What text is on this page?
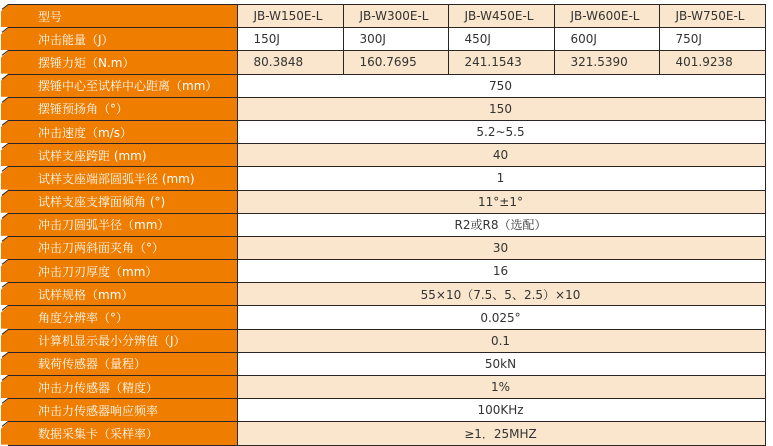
型号	JB-W150E-L	JB-W300E-L	JB-W450E-L	JB-W600E-L	JB-W750E-L
冲击能量（J）	150J	300J	450J	600J	750J
摆锤力矩（N.m）	80.3848	160.7695	241.1543	321.5390	401.9238
摆锤中心至试样中心距离（mm）	750				
摆锤预扬角（°）	150				
冲击速度（m/s）	5.2~5.5				
试样支座跨距 (mm)	40				
试样支座端部圆弧半径 (mm)	1				
试样支座支撑面倾角 (°)	11°±1°				
冲击刀圆弧半径（mm）	R2或R8（选配）				
冲击刀两斜面夹角（°）	30				
冲击刀刃厚度（mm）	16				
试样规格（mm）	55×10（7.5、5、2.5）×10				
角度分辨率（°）	0.025°				
计算机显示最小分辨值（J）	0.1				
载荷传感器（量程）	50kN				
冲击力传感器（精度）	1%				
冲击力传感器响应频率	100KHz				
数据采集卡（采样率）	≥1．25MHZ				
